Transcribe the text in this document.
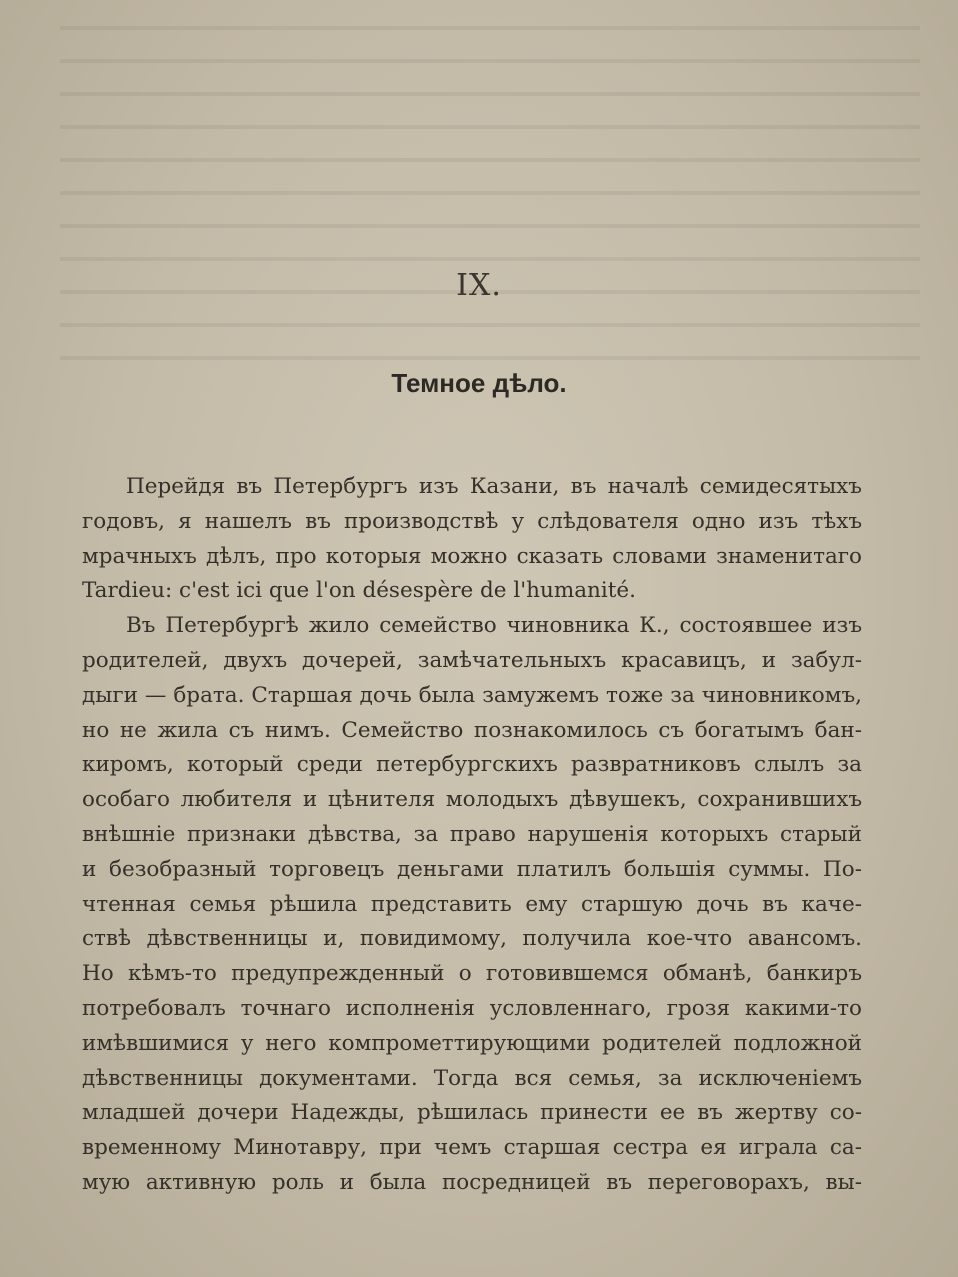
IX.
Темное дѣло.
Перейдя въ Петербургъ изъ Казани, въ началѣ семидесятыхъ
годовъ, я нашелъ въ производствѣ у слѣдователя одно изъ тѣхъ
мрачныхъ дѣлъ, про которыя можно сказать словами знаменитаго
Tardieu: c'est ici que l'on désespère de l'humanité.
Въ Петербургѣ жило семейство чиновника К., состоявшее изъ
родителей, двухъ дочерей, замѣчательныхъ красавицъ, и забул-
дыги — брата. Старшая дочь была замужемъ тоже за чиновникомъ,
но не жила съ нимъ. Семейство познакомилось съ богатымъ бан-
киромъ, который среди петербургскихъ развратниковъ слылъ за
особаго любителя и цѣнителя молодыхъ дѣвушекъ, сохранившихъ
внѣшніе признаки дѣвства, за право нарушенія которыхъ старый
и безобразный торговецъ деньгами платилъ большія суммы. По-
чтенная семья рѣшила представить ему старшую дочь въ каче-
ствѣ дѣвственницы и, повидимому, получила кое-что авансомъ.
Но кѣмъ-то предупрежденный о готовившемся обманѣ, банкиръ
потребовалъ точнаго исполненія условленнаго, грозя какими-то
имѣвшимися у него компрометтирующими родителей подложной
дѣвственницы документами. Тогда вся семья, за исключеніемъ
младшей дочери Надежды, рѣшилась принести ее въ жертву со-
временному Минотавру, при чемъ старшая сестра ея играла са-
мую активную роль и была посредницей въ переговорахъ, вы-
